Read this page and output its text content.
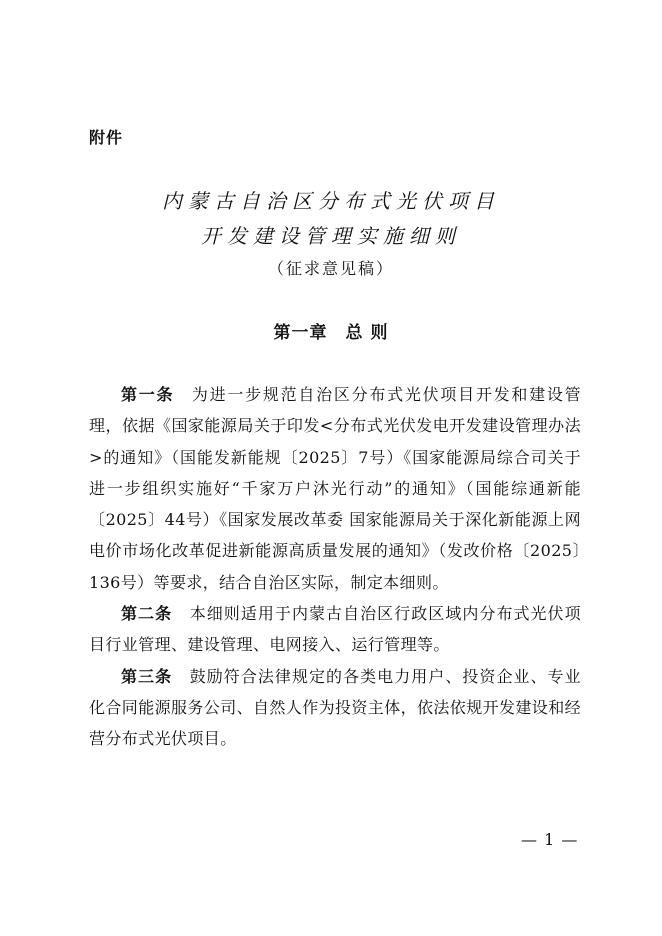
附件
内蒙古自治区分布式光伏项目
开发建设管理实施细则
（征求意见稿）
第一章 总 则

第一条 为进一步规范自治区分布式光伏项目开发和建设管理，依据《国家能源局关于印发<分布式光伏发电开发建设管理办法>的通知》（国能发新能规〔2025〕7号）《国家能源局综合司关于进一步组织实施好“千家万户沐光行动”的通知》（国能综通新能〔2025〕44号）《国家发展改革委 国家能源局关于深化新能源上网电价市场化改革促进新能源高质量发展的通知》（发改价格〔2025〕136号）等要求，结合自治区实际，制定本细则。

第二条 本细则适用于内蒙古自治区行政区域内分布式光伏项目行业管理、建设管理、电网接入、运行管理等。

第三条 鼓励符合法律规定的各类电力用户、投资企业、专业化合同能源服务公司、自然人作为投资主体，依法依规开发建设和经营分布式光伏项目。

— 1 —
